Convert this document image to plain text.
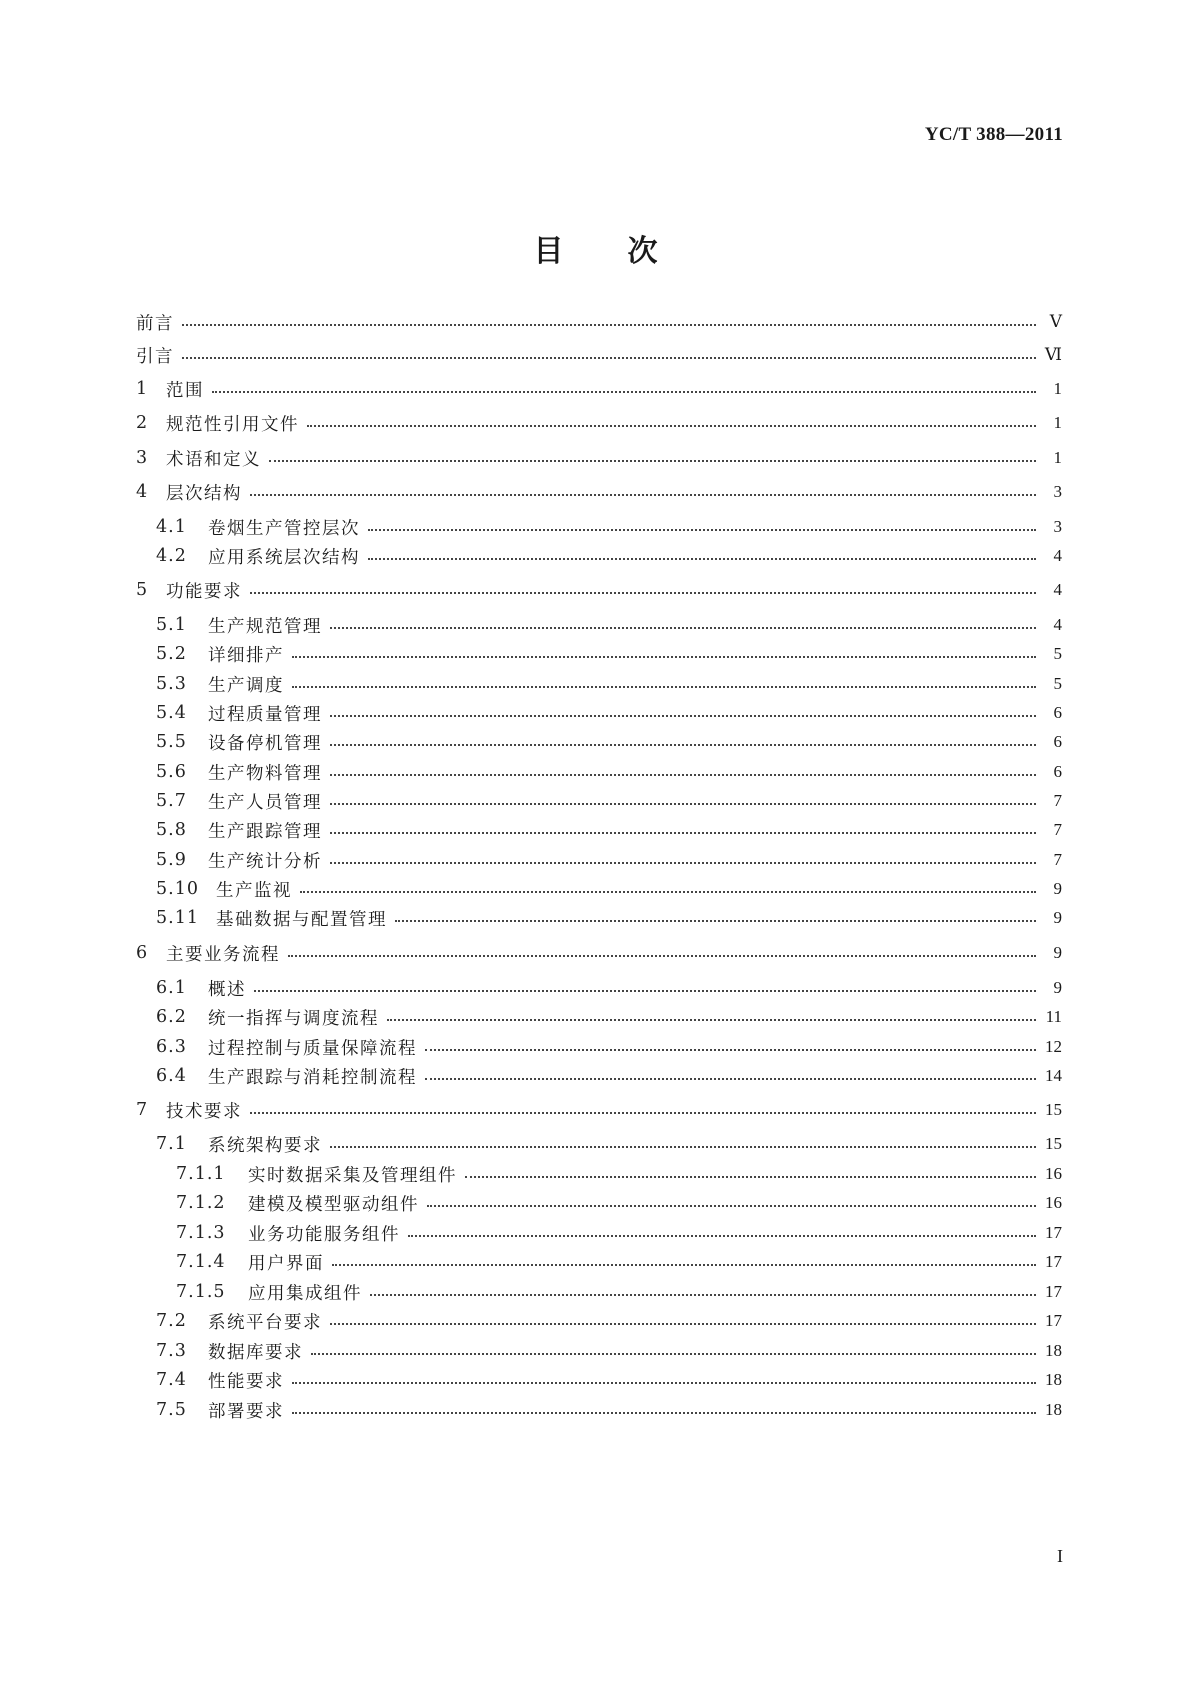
YC/T 388—2011
目 次
前言	Ⅴ
引言	Ⅵ
1	范围	1
2	规范性引用文件	1
3	术语和定义	1
4	层次结构	3
4.1	卷烟生产管控层次	3
4.2	应用系统层次结构	4
5	功能要求	4
5.1	生产规范管理	4
5.2	详细排产	5
5.3	生产调度	5
5.4	过程质量管理	6
5.5	设备停机管理	6
5.6	生产物料管理	6
5.7	生产人员管理	7
5.8	生产跟踪管理	7
5.9	生产统计分析	7
5.10 生产监视	9
5.11 基础数据与配置管理	9
6	主要业务流程	9
6.1	概述	9
6.2	统一指挥与调度流程	11
6.3	过程控制与质量保障流程	12
6.4	生产跟踪与消耗控制流程	14
7	技术要求	15
7.1	系统架构要求	15
7.1.1	实时数据采集及管理组件	16
7.1.2	建模及模型驱动组件	16
7.1.3	业务功能服务组件	17
7.1.4	用户界面	17
7.1.5	应用集成组件	17
7.2	系统平台要求	17
7.3	数据库要求	18
7.4	性能要求	18
7.5	部署要求	18
I
